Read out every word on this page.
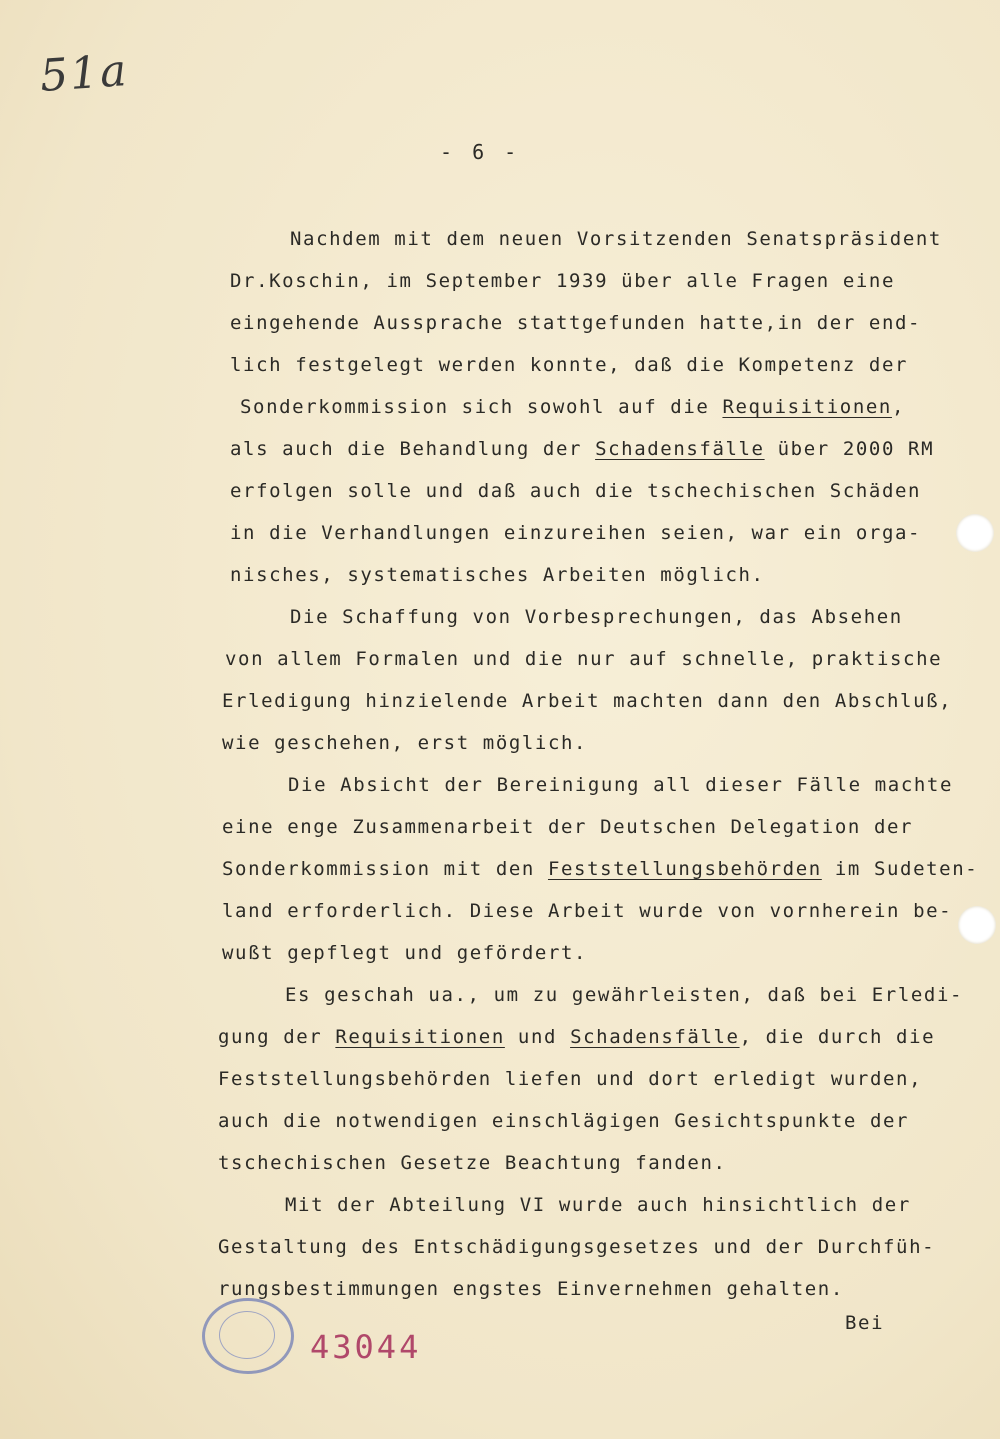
51a
- 6 -
Nachdem mit dem neuen Vorsitzenden Senatspräsident
Dr.Koschin, im September 1939 über alle Fragen eine
eingehende Aussprache stattgefunden hatte,in der end-
lich festgelegt werden konnte, daß die Kompetenz der
Sonderkommission sich sowohl auf die Requisitionen,
als auch die Behandlung der Schadensfälle über 2000 RM
erfolgen solle und daß auch die tschechischen Schäden
in die Verhandlungen einzureihen seien, war ein orga-
nisches, systematisches Arbeiten möglich.
Die Schaffung von Vorbesprechungen, das Absehen
von allem Formalen und die nur auf schnelle, praktische
Erledigung hinzielende Arbeit machten dann den Abschluß,
wie geschehen, erst möglich.
Die Absicht der Bereinigung all dieser Fälle machte
eine enge Zusammenarbeit der Deutschen Delegation der
Sonderkommission mit den Feststellungsbehörden im Sudeten-
land erforderlich. Diese Arbeit wurde von vornherein be-
wußt gepflegt und gefördert.
Es geschah ua., um zu gewährleisten, daß bei Erledi-
gung der Requisitionen und Schadensfälle, die durch die
Feststellungsbehörden liefen und dort erledigt wurden,
auch die notwendigen einschlägigen Gesichtspunkte der
tschechischen Gesetze Beachtung fanden.
Mit der Abteilung VI wurde auch hinsichtlich der
Gestaltung des Entschädigungsgesetzes und der Durchfüh-
rungsbestimmungen engstes Einvernehmen gehalten.
Bei
43044
